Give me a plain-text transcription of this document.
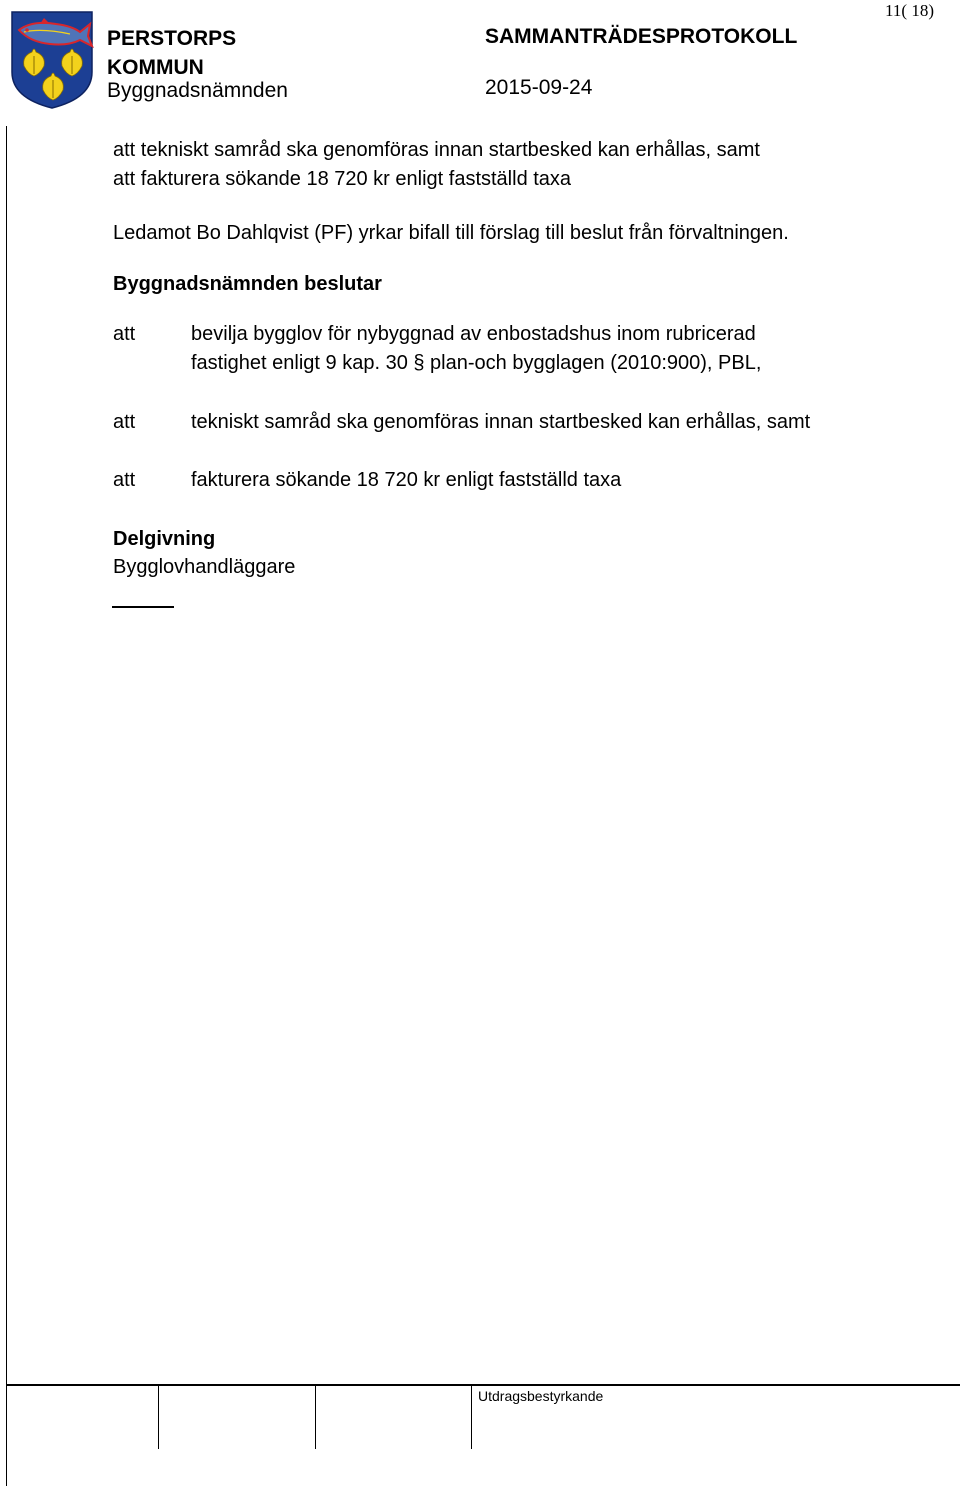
PERSTORPS
KOMMUN
Byggnadsnämnden
SAMMANTRÄDESPROTOKOLL
2015-09-24
11( 18)
att tekniskt samråd ska genomföras innan startbesked kan erhållas, samt
att fakturera sökande 18 720 kr enligt fastställd taxa
Ledamot Bo Dahlqvist (PF) yrkar bifall till förslag till beslut från förvaltningen.
Byggnadsnämnden beslutar
att	bevilja bygglov för nybyggnad av enbostadshus inom rubricerad
fastighet enligt 9 kap. 30 § plan-och bygglagen (2010:900), PBL,
att	tekniskt samråd ska genomföras innan startbesked kan erhållas, samt
att	fakturera sökande 18 720 kr enligt fastställd taxa
Delgivning
Bygglovhandläggare
Utdragsbestyrkande
